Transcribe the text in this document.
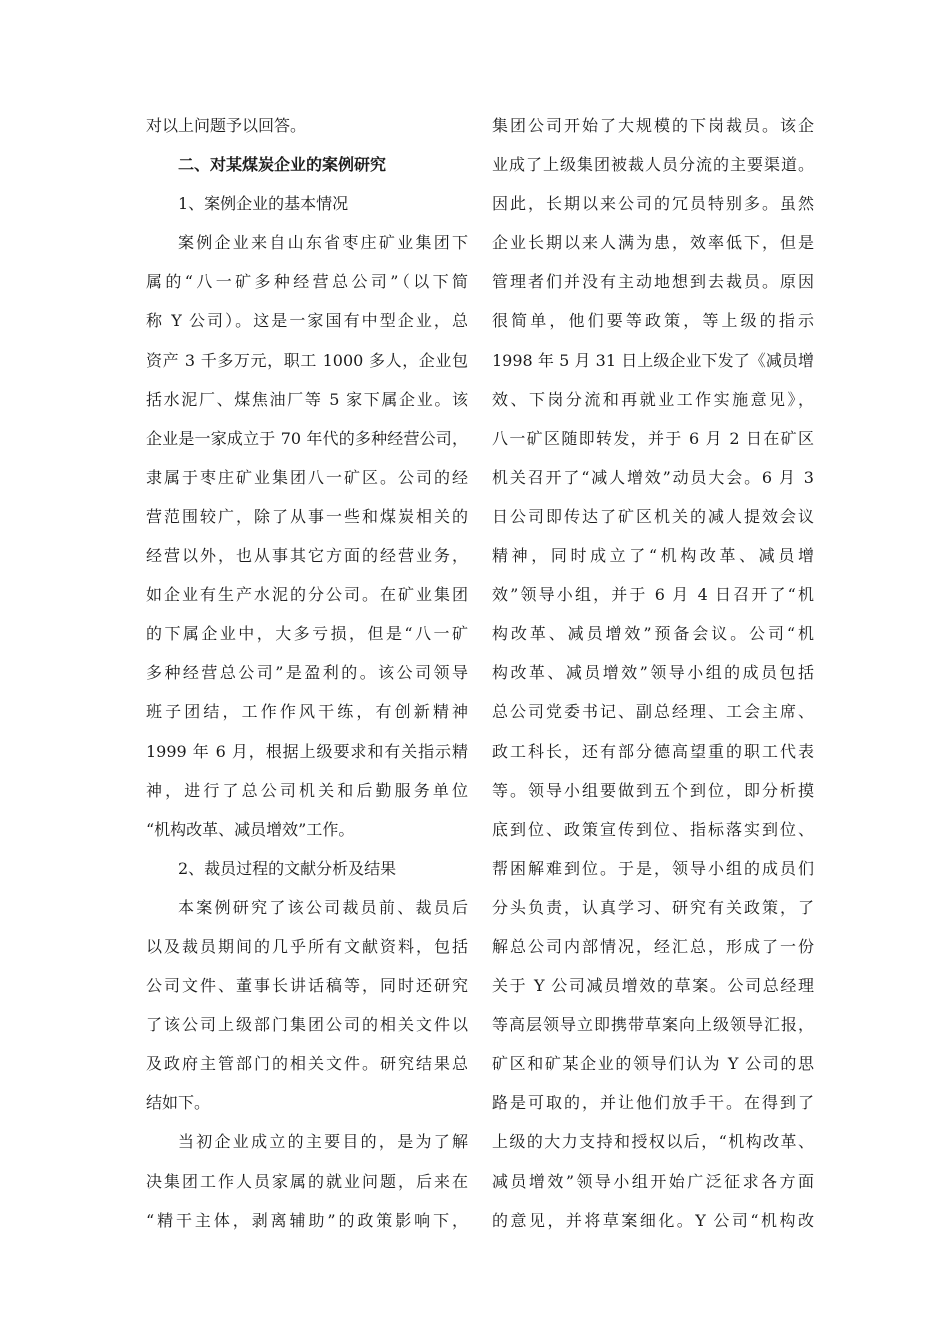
对以上问题予以回答。
二、对某煤炭企业的案例研究
1、案例企业的基本情况
案例企业来自山东省枣庄矿业集团下
属的“八一矿多种经营总公司”（以下简
称 Y 公司）。这是一家国有中型企业，总
资产 3 千多万元，职工 1000 多人，企业包
括水泥厂、煤焦油厂等 5 家下属企业。该
企业是一家成立于 70 年代的多种经营公司，
隶属于枣庄矿业集团八一矿区。公司的经
营范围较广，除了从事一些和煤炭相关的
经营以外，也从事其它方面的经营业务，
如企业有生产水泥的分公司。在矿业集团
的下属企业中，大多亏损，但是“八一矿
多种经营总公司”是盈利的。该公司领导
班子团结，工作作风干练，有创新精神
1999 年 6 月，根据上级要求和有关指示精
神，进行了总公司机关和后勤服务单位
“机构改革、减员增效”工作。
2、裁员过程的文献分析及结果
本案例研究了该公司裁员前、裁员后
以及裁员期间的几乎所有文献资料，包括
公司文件、董事长讲话稿等，同时还研究
了该公司上级部门集团公司的相关文件以
及政府主管部门的相关文件。研究结果总
结如下。
当初企业成立的主要目的，是为了解
决集团工作人员家属的就业问题，后来在
“精干主体，剥离辅助”的政策影响下，
集团公司开始了大规模的下岗裁员。该企
业成了上级集团被裁人员分流的主要渠道。
因此，长期以来公司的冗员特别多。虽然
企业长期以来人满为患，效率低下，但是
管理者们并没有主动地想到去裁员。原因
很简单，他们要等政策，等上级的指示
1998 年 5 月 31 日上级企业下发了《减员增
效、下岗分流和再就业工作实施意见》，
八一矿区随即转发，并于 6 月 2 日在矿区
机关召开了“减人增效”动员大会。6 月 3
日公司即传达了矿区机关的减人提效会议
精神，同时成立了“机构改革、减员增
效”领导小组，并于 6 月 4 日召开了“机
构改革、减员增效”预备会议。公司“机
构改革、减员增效”领导小组的成员包括
总公司党委书记、副总经理、工会主席、
政工科长，还有部分德高望重的职工代表
等。领导小组要做到五个到位，即分析摸
底到位、政策宣传到位、指标落实到位、
帮困解难到位。于是，领导小组的成员们
分头负责，认真学习、研究有关政策，了
解总公司内部情况，经汇总，形成了一份
关于 Y 公司减员增效的草案。公司总经理
等高层领导立即携带草案向上级领导汇报，
矿区和矿某企业的领导们认为 Y 公司的思
路是可取的，并让他们放手干。在得到了
上级的大力支持和授权以后，“机构改革、
减员增效”领导小组开始广泛征求各方面
的意见，并将草案细化。Y 公司“机构改
